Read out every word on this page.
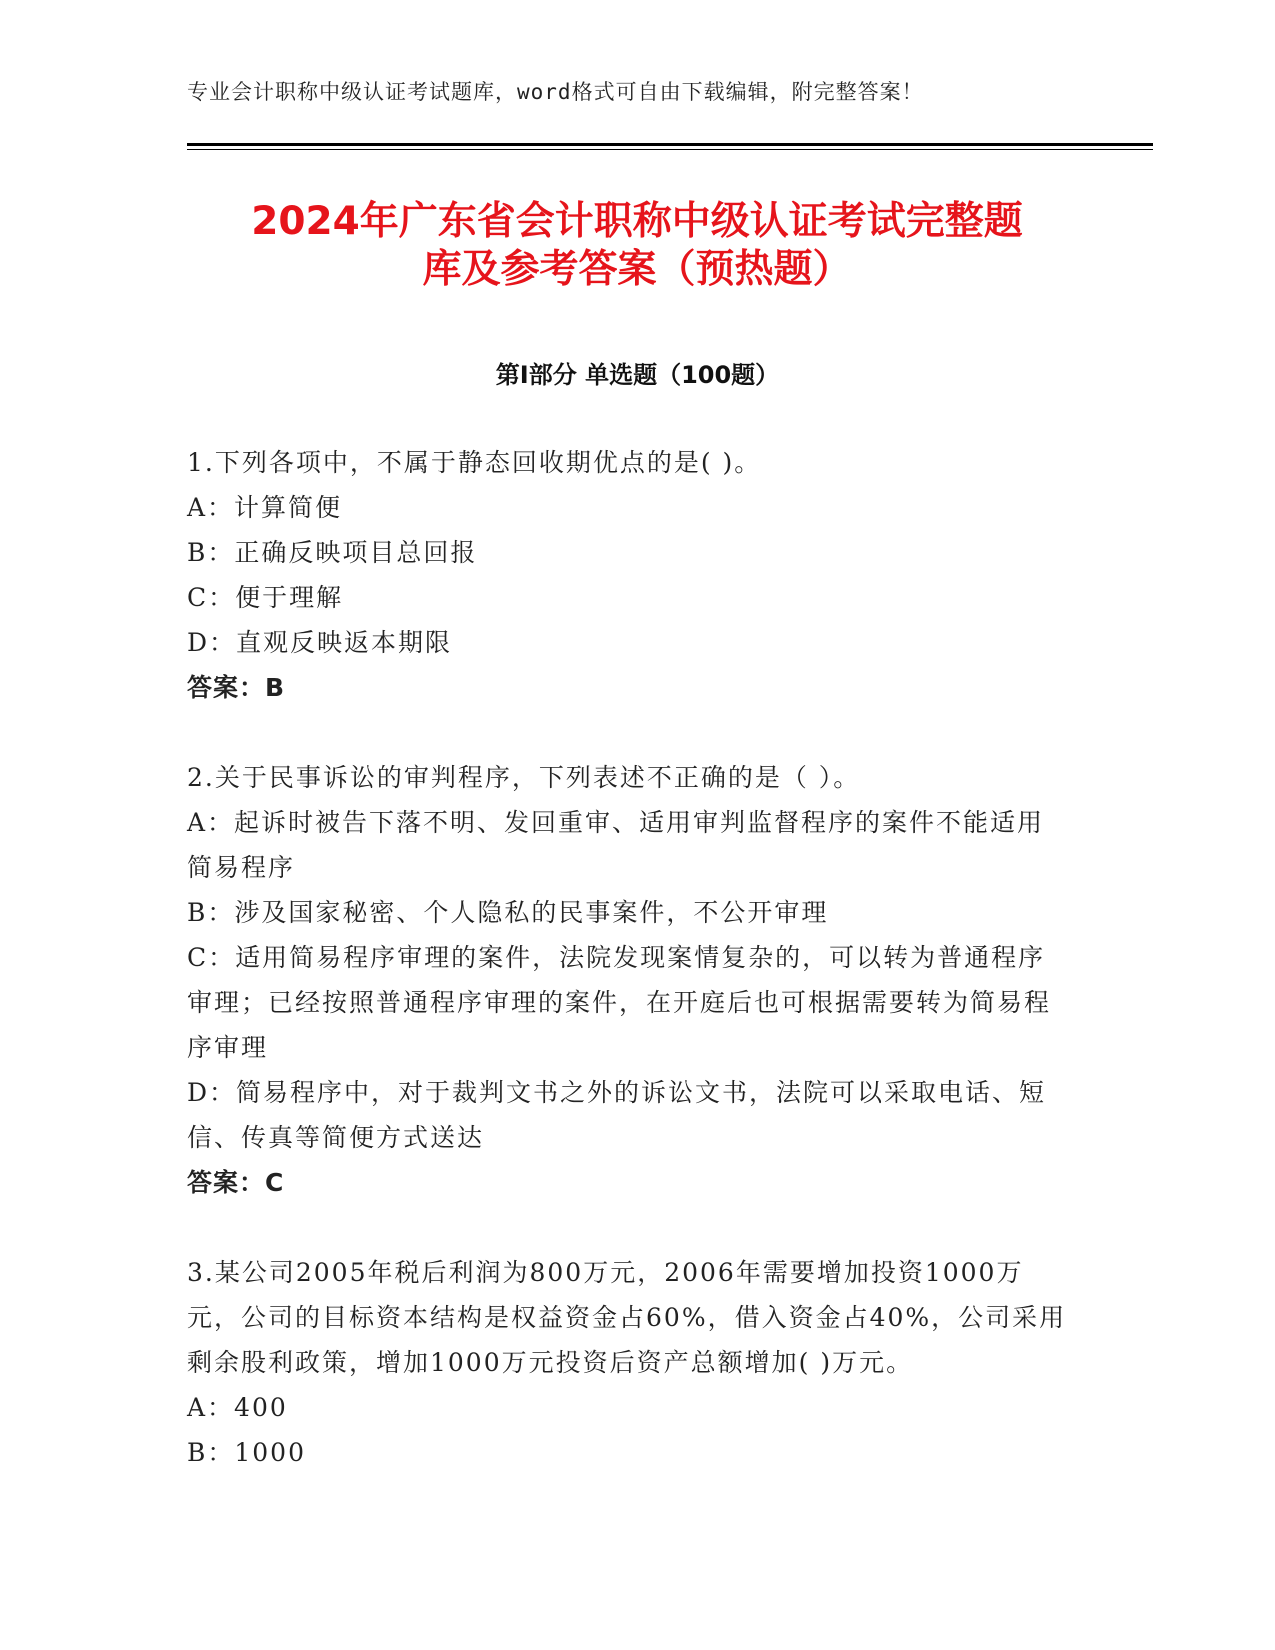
专业会计职称中级认证考试题库，word格式可自由下载编辑，附完整答案！
2024年广东省会计职称中级认证考试完整题
库及参考答案（预热题）
第Ⅰ部分 单选题（100题）

1.下列各项中，不属于静态回收期优点的是( )。

A：计算简便

B：正确反映项目总回报

C：便于理解

D：直观反映返本期限

答案：B

2.关于民事诉讼的审判程序，下列表述不正确的是（ ）。

A：起诉时被告下落不明、发回重审、适用审判监督程序的案件不能适用简易程序

B：涉及国家秘密、个人隐私的民事案件，不公开审理

C：适用简易程序审理的案件，法院发现案情复杂的，可以转为普通程序审理；已经按照普通程序审理的案件，在开庭后也可根据需要转为简易程序审理

D：简易程序中，对于裁判文书之外的诉讼文书，法院可以采取电话、短信、传真等简便方式送达

答案：C

3.某公司2005年税后利润为800万元，2006年需要增加投资1000万元，公司的目标资本结构是权益资金占60%，借入资金占40%，公司采用剩余股利政策，增加1000万元投资后资产总额增加( )万元。

A：400

B：1000
